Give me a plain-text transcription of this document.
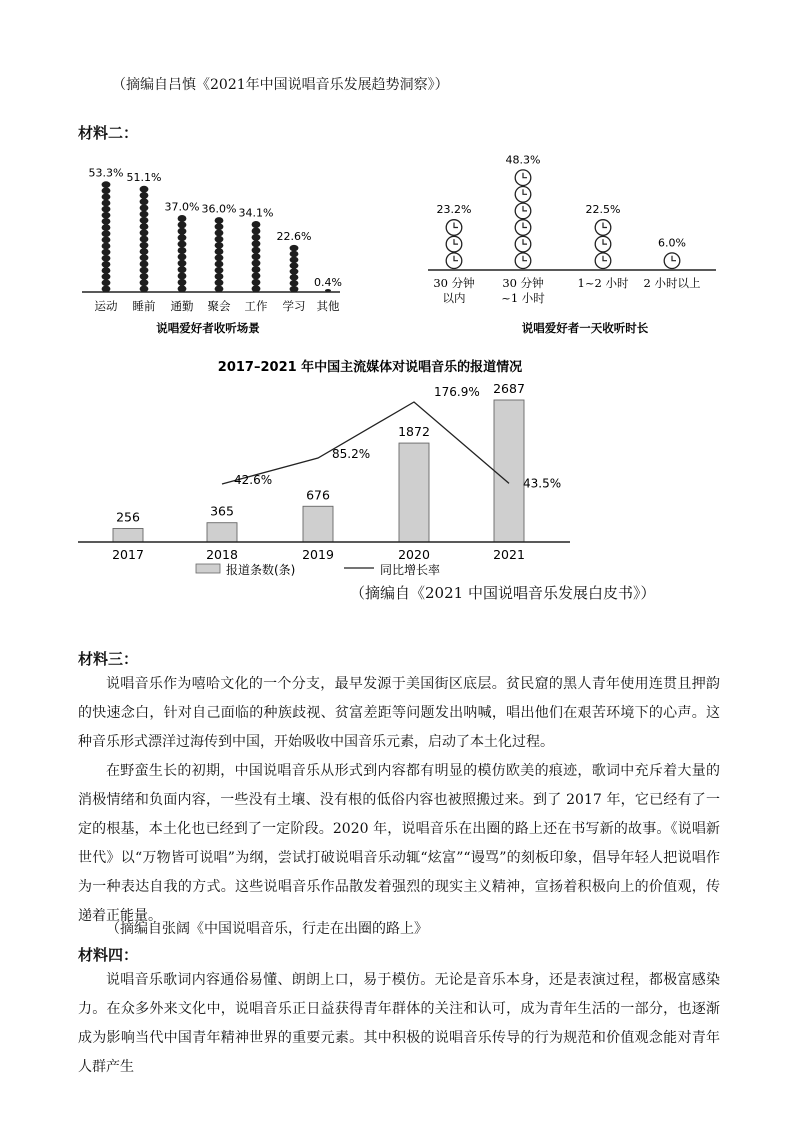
（摘编自吕慎《2021年中国说唱音乐发展趋势洞察》）
材料二：
53.3%
运动
51.1%
睡前
37.0%
通勤
36.0%
聚会
34.1%
工作
22.6%
学习
0.4%
其他
说唱爱好者收听场景
23.2%
30 分钟
以内
48.3%
30 分钟
~1 小时
22.5%
1~2 小时
6.0%
2 小时以上
说唱爱好者一天收听时长
2017–2021 年中国主流媒体对说唱音乐的报道情况
256	365
676
1872
2687
42.6%
85.2%
176.9%
43.5%
2017	2018	2019	2020	2021
报道条数(条)	同比增长率
（摘编自《2021 中国说唱音乐发展白皮书》）
材料三：

说唱音乐作为嘻哈文化的一个分支，最早发源于美国街区底层。贫民窟的黑人青年使用连贯且押韵的快速念白，针对自己面临的种族歧视、贫富差距等问题发出呐喊，唱出他们在艰苦环境下的心声。这种音乐形式漂洋过海传到中国，开始吸收中国音乐元素，启动了本土化过程。

在野蛮生长的初期，中国说唱音乐从形式到内容都有明显的模仿欧美的痕迹，歌词中充斥着大量的消极情绪和负面内容，一些没有土壤、没有根的低俗内容也被照搬过来。到了 2017 年，它已经有了一定的根基，本土化也已经到了一定阶段。2020 年，说唱音乐在出圈的路上还在书写新的故事。《说唱新世代》以“万物皆可说唱”为纲，尝试打破说唱音乐动辄“炫富”“谩骂”的刻板印象，倡导年轻人把说唱作为一种表达自我的方式。这些说唱音乐作品散发着强烈的现实主义精神，宣扬着积极向上的价值观，传递着正能量。

（摘编自张阔《中国说唱音乐，行走在出圈的路上》
材料四：

说唱音乐歌词内容通俗易懂、朗朗上口，易于模仿。无论是音乐本身，还是表演过程，都极富感染力。在众多外来文化中，说唱音乐正日益获得青年群体的关注和认可，成为青年生活的一部分，也逐渐成为影响当代中国青年精神世界的重要元素。其中积极的说唱音乐传导的行为规范和价值观念能对青年人群产生
